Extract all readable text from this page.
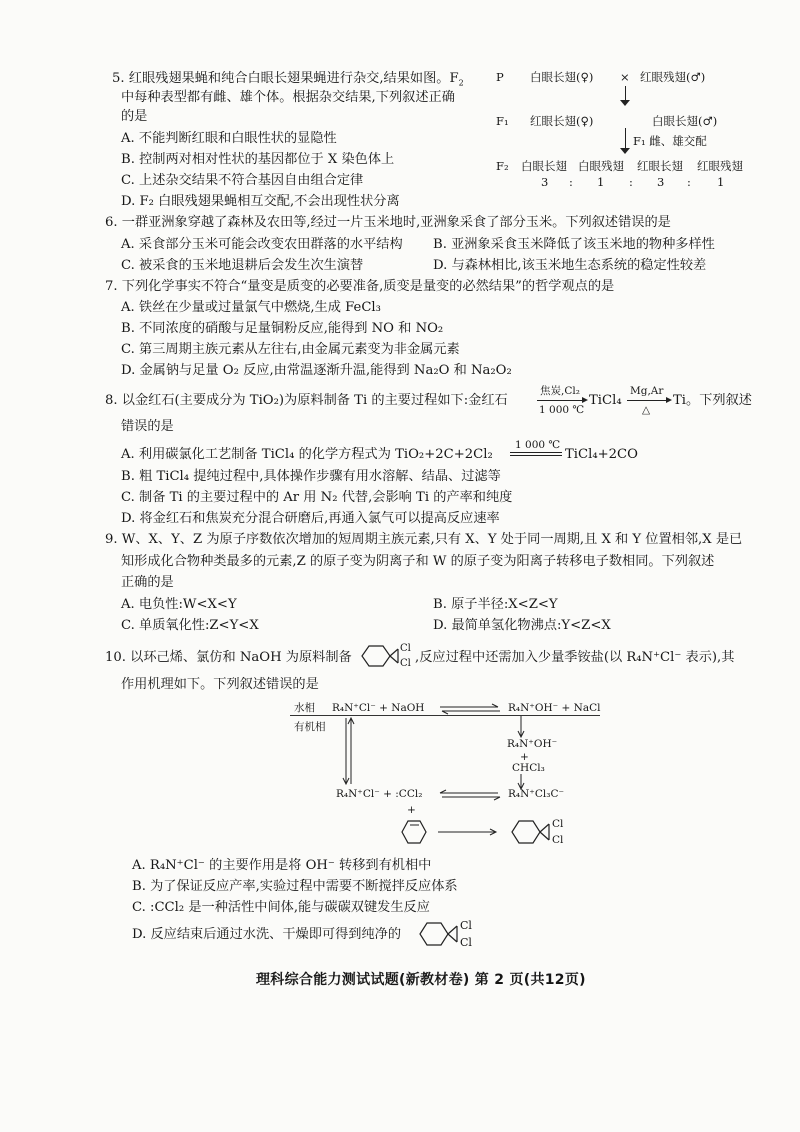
5. 红眼残翅果蝇和纯合白眼长翅果蝇进行杂交,结果如图。$F_2$
中每种表型都有雌、雄个体。根据杂交结果,下列叙述正确
的是
A. 不能判断红眼和白眼性状的显隐性
B. 控制两对相对性状的基因都位于 X 染色体上
C. 上述杂交结果不符合基因自由组合定律
D. F₂ 白眼残翅果蝇相互交配,不会出现性状分离
P 白眼长翅(♀) × 红眼残翅(♂)
F₁ 红眼长翅(♀)	白眼长翅(♂)
F₁ 雌、雄交配
F₂ 白眼长翅 白眼残翅 红眼长翅 红眼残翅
3 : 1 : 3 : 1
6. 一群亚洲象穿越了森林及农田等,经过一片玉米地时,亚洲象采食了部分玉米。下列叙述错误的是
A. 采食部分玉米可能会改变农田群落的水平结构 B. 亚洲象采食玉米降低了该玉米地的物种多样性
C. 被采食的玉米地退耕后会发生次生演替	D. 与森林相比,该玉米地生态系统的稳定性较差
7. 下列化学事实不符合“量变是质变的必要准备,质变是量变的必然结果”的哲学观点的是
A. 铁丝在少量或过量氯气中燃烧,生成 FeCl₃
B. 不同浓度的硝酸与足量铜粉反应,能得到 NO 和 NO₂
C. 第三周期主族元素从左往右,由金属元素变为非金属元素
D. 金属钠与足量 O₂ 反应,由常温逐渐升温,能得到 Na₂O 和 Na₂O₂
8. 以金红石(主要成分为 TiO₂)为原料制备 Ti 的主要过程如下:金红石
焦炭,Cl₂
1 000 ℃
TiCl₄
Mg,Ar
△
Ti。下列叙述
错误的是
A. 利用碳氯化工艺制备 TiCl₄ 的化学方程式为 TiO₂+2C+2Cl₂
1 000 ℃
TiCl₄+2CO
B. 粗 TiCl₄ 提纯过程中,具体操作步骤有用水溶解、结晶、过滤等
C. 制备 Ti 的主要过程中的 Ar 用 N₂ 代替,会影响 Ti 的产率和纯度
D. 将金红石和焦炭充分混合研磨后,再通入氯气可以提高反应速率
9. W、X、Y、Z 为原子序数依次增加的短周期主族元素,只有 X、Y 处于同一周期,且 X 和 Y 位置相邻,X 是已
知形成化合物种类最多的元素,Z 的原子变为阴离子和 W 的原子变为阳离子转移电子数相同。下列叙述
正确的是
A. 电负性:W<X<Y	B. 原子半径:X<Z<Y
C. 单质氧化性:Z<Y<X	D. 最简单氢化物沸点:Y<Z<X
10. 以环己烯、氯仿和 NaOH 为原料制备
Cl
Cl ,反应过程中还需加入少量季铵盐(以 R₄N⁺Cl⁻ 表示),其
作用机理如下。下列叙述错误的是
水相
有机相
R₄N⁺Cl⁻ + NaOH	R₄N⁺OH⁻ + NaCl
R₄N⁺OH⁻
+
CHCl₃
R₄N⁺Cl⁻ + :CCl₂	R₄N⁺Cl₃C⁻
+
Cl
Cl
A. R₄N⁺Cl⁻ 的主要作用是将 OH⁻ 转移到有机相中
B. 为了保证反应产率,实验过程中需要不断搅拌反应体系
C. :CCl₂ 是一种活性中间体,能与碳碳双键发生反应
D. 反应结束后通过水洗、干燥即可得到纯净的
Cl
Cl
理科综合能力测试试题(新教材卷) 第 2 页(共12页)
